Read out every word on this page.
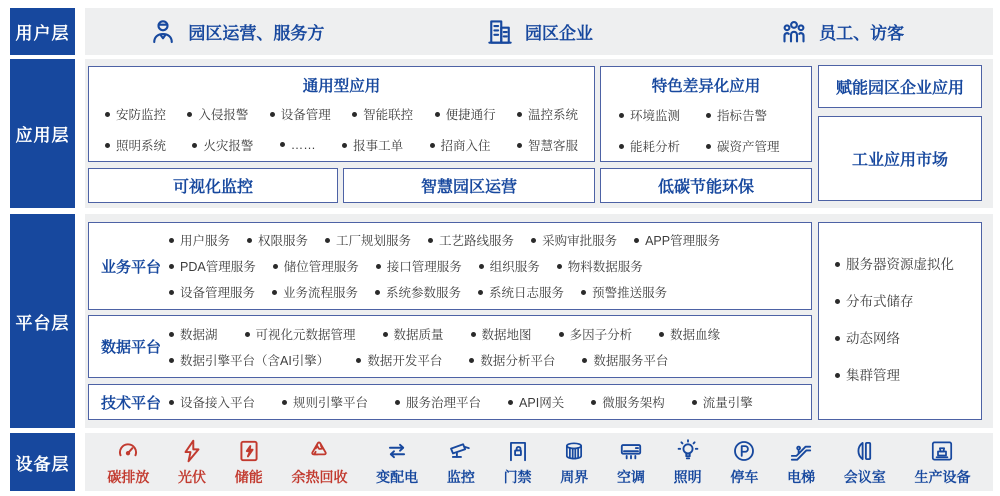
用户层	园区运营、服务方	园区企业	员工、访客
应用层
通用型应用
安防监控	入侵报警	设备管理	智能联控	便捷通行	温控系统
照明系统	火灾报警	……	报事工单	招商入住	智慧客服
特色差异化应用
环境监测	指标告警
能耗分析	碳资产管理
赋能园区企业应用
工业应用市场
可视化监控	智慧园区运营	低碳节能环保
平台层
业务平台
用户服务	权限服务	工厂规划服务	工艺路线服务	采购审批服务	APP管理服务
PDA管理服务	储位管理服务	接口管理服务	组织服务	物料数据服务
设备管理服务	业务流程服务	系统参数服务	系统日志服务	预警推送服务
数据平台
数据湖	可视化元数据管理	数据质量	数据地图	多因子分析	数据血缘
数据引擎平台（含AI引擎）	数据开发平台	数据分析平台	数据服务平台
技术平台	设备接入平台	规则引擎平台	服务治理平台	API网关	微服务架构	流量引擎
服务器资源虚拟化
分布式储存
动态网络
集群管理
设备层
碳排放 光伏 储能 余热回收 变配电 监控 门禁 周界 空调 照明 停车 电梯 会议室 生产设备
